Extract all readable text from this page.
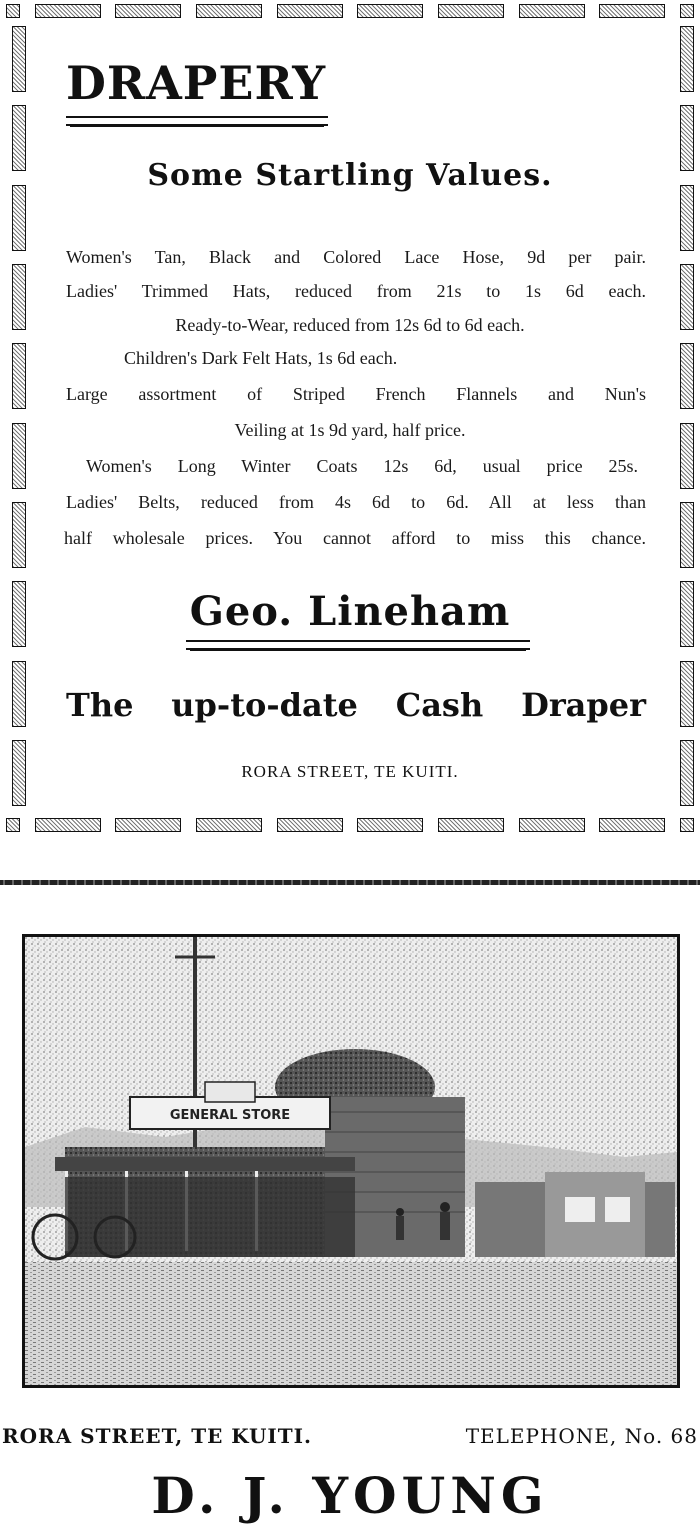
DRAPERY
Some Startling Values.
Women's Tan, Black and Colored Lace Hose, 9d per pair.
Ladies' Trimmed Hats, reduced from 21s to 1s 6d each.
Ready-to-Wear, reduced from 12s 6d to 6d each.
Children's Dark Felt Hats, 1s 6d each.
Large assortment of Striped French Flannels and Nun's
Veiling at 1s 9d yard, half price.
Women's Long Winter Coats 12s 6d, usual price 25s.
Ladies' Belts, reduced from 4s 6d to 6d. All at less than
half wholesale prices. You cannot afford to miss this chance.
Geo. Lineham
The up-to-date Cash Draper
RORA STREET, TE KUITI.
GENERAL STORE
RORA STREET, TE KUITI.	TELEPHONE, No. 68
D. J. YOUNG
